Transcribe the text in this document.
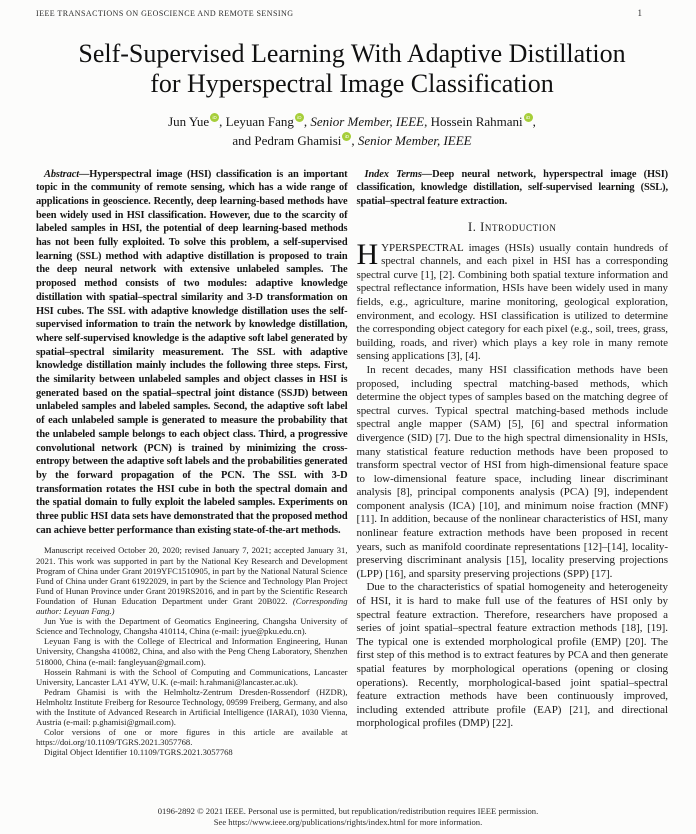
IEEE TRANSACTIONS ON GEOSCIENCE AND REMOTE SENSING	1
Self-Supervised Learning With Adaptive Distillation
for Hyperspectral Image Classification
Jun Yue iD , Leyuan Fang iD , Senior Member, IEEE, Hossein Rahmani iD ,
and Pedram Ghamisi iD , Senior Member, IEEE

Abstract—Hyperspectral image (HSI) classification is an important topic in the community of remote sensing, which has a wide range of applications in geoscience. Recently, deep learning-based methods have been widely used in HSI classification. However, due to the scarcity of labeled samples in HSI, the potential of deep learning-based methods has not been fully exploited. To solve this problem, a self-supervised learning (SSL) method with adaptive distillation is proposed to train the deep neural network with extensive unlabeled samples. The proposed method consists of two modules: adaptive knowledge distillation with spatial–spectral similarity and 3-D transformation on HSI cubes. The SSL with adaptive knowledge distillation uses the self-supervised information to train the network by knowledge distillation, where self-supervised knowledge is the adaptive soft label generated by spatial–spectral similarity measurement. The SSL with adaptive knowledge distillation mainly includes the following three steps. First, the similarity between unlabeled samples and object classes in HSI is generated based on the spatial–spectral joint distance (SSJD) between unlabeled samples and labeled samples. Second, the adaptive soft label of each unlabeled sample is generated to measure the probability that the unlabeled sample belongs to each object class. Third, a progressive convolutional network (PCN) is trained by minimizing the cross-entropy between the adaptive soft labels and the probabilities generated by the forward propagation of the PCN. The SSL with 3-D transformation rotates the HSI cube in both the spectral domain and the spatial domain to fully exploit the labeled samples. Experiments on three public HSI data sets have demonstrated that the proposed method can achieve better performance than existing state-of-the-art methods.

Manuscript received October 20, 2020; revised January 7, 2021; accepted January 31, 2021. This work was supported in part by the National Key Research and Development Program of China under Grant 2019YFC1510905, in part by the National Natural Science Fund of China under Grant 61922029, in part by the Science and Technology Plan Project Fund of Hunan Province under Grant 2019RS2016, and in part by the Scientific Research Foundation of Hunan Education Department under Grant 20B022. (Corresponding author: Leyuan Fang.)

Jun Yue is with the Department of Geomatics Engineering, Changsha University of Science and Technology, Changsha 410114, China (e-mail: jyue@pku.edu.cn).

Leyuan Fang is with the College of Electrical and Information Engineering, Hunan University, Changsha 410082, China, and also with the Peng Cheng Laboratory, Shenzhen 518000, China (e-mail: fangleyuan@gmail.com).

Hossein Rahmani is with the School of Computing and Communications, Lancaster University, Lancaster LA1 4YW, U.K. (e-mail: h.rahmani@lancaster.ac.uk).

Pedram Ghamisi is with the Helmholtz-Zentrum Dresden-Rossendorf (HZDR), Helmholtz Institute Freiberg for Resource Technology, 09599 Freiberg, Germany, and also with the Institute of Advanced Research in Artificial Intelligence (IARAI), 1030 Vienna, Austria (e-mail: p.ghamisi@gmail.com).

Color versions of one or more figures in this article are available at https://doi.org/10.1109/TGRS.2021.3057768.

Digital Object Identifier 10.1109/TGRS.2021.3057768

Index Terms—Deep neural network, hyperspectral image (HSI) classification, knowledge distillation, self-supervised learning (SSL), spatial–spectral feature extraction.

I. Introduction

HYPERSPECTRAL images (HSIs) usually contain hundreds of spectral channels, and each pixel in HSI has a corresponding spectral curve [1], [2]. Combining both spatial texture information and spectral reflectance information, HSIs have been widely used in many fields, e.g., agriculture, marine monitoring, geological exploration, environment, and ecology. HSI classification is utilized to determine the corresponding object category for each pixel (e.g., soil, trees, grass, building, roads, and river) which plays a key role in many remote sensing applications [3], [4].

In recent decades, many HSI classification methods have been proposed, including spectral matching-based methods, which determine the object types of samples based on the matching degree of spectral curves. Typical spectral matching-based methods include spectral angle mapper (SAM) [5], [6] and spectral information divergence (SID) [7]. Due to the high spectral dimensionality in HSIs, many statistical feature reduction methods have been proposed to transform spectral vector of HSI from high-dimensional feature space to low-dimensional feature space, including linear discriminant analysis [8], principal components analysis (PCA) [9], independent component analysis (ICA) [10], and minimum noise fraction (MNF) [11]. In addition, because of the nonlinear characteristics of HSI, many nonlinear feature extraction methods have been proposed in recent years, such as manifold coordinate representations [12]–[14], locality-preserving discriminant analysis [15], locality preserving projections (LPP) [16], and sparsity preserving projections (SPP) [17].

Due to the characteristics of spatial homogeneity and heterogeneity of HSI, it is hard to make full use of the features of HSI only by spectral feature extraction. Therefore, researchers have proposed a series of joint spatial–spectral feature extraction methods [18], [19]. The typical one is extended morphological profile (EMP) [20]. The first step of this method is to extract features by PCA and then generate spatial features by morphological operations (opening or closing operations). Recently, morphological-based joint spatial–spectral feature extraction methods have been continuously improved, including extended attribute profile (EAP) [21], and directional morphological profiles (DMP) [22].

0196-2892 © 2021 IEEE. Personal use is permitted, but republication/redistribution requires IEEE permission.
See https://www.ieee.org/publications/rights/index.html for more information.
